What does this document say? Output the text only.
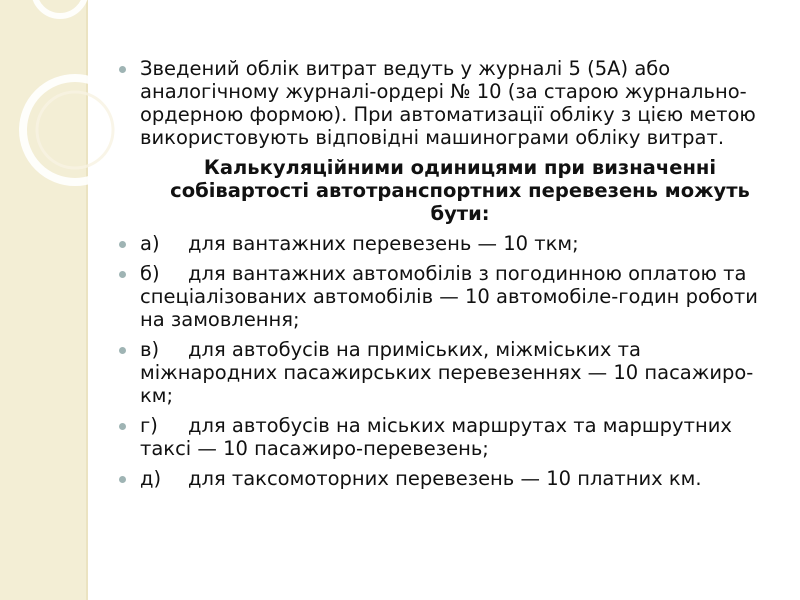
Зведений облік витрат ведуть у журналі 5 (5А) або аналогічному журналі-ордері № 10 (за старою журнально-ордерною формою). При автоматизації обліку з цією метою використовують відповідні машинограми обліку витрат.

Калькуляційними одиницями при визначенні собівартості автотранспортних перевезень можуть бути:

а) для вантажних перевезень — 10 ткм;

б) для вантажних автомобілів з погодинною оплатою та спеціалізованих автомобілів — 10 автомобіле-годин роботи на замовлення;

в) для автобусів на приміських, міжміських та міжнародних пасажирських перевезеннях — 10 пасажиро-км;

г) для автобусів на міських маршрутах та маршрутних таксі — 10 пасажиро-перевезень;

д) для таксомоторних перевезень — 10 платних км.
